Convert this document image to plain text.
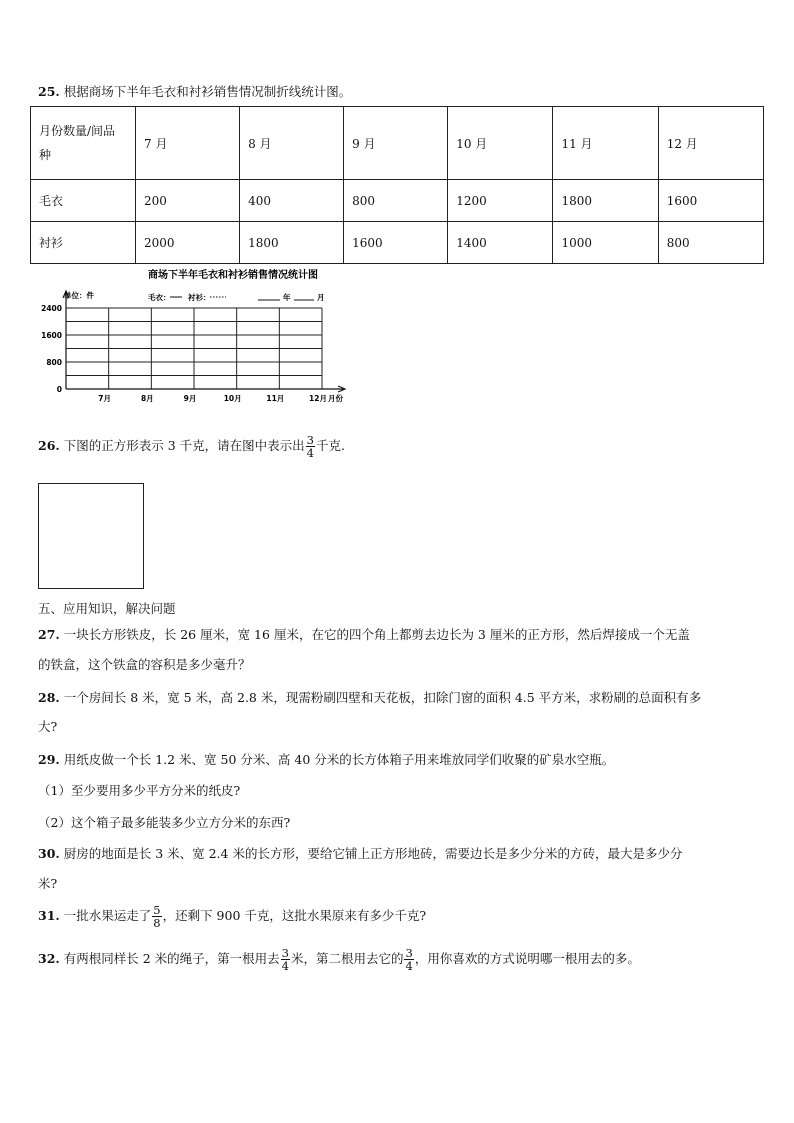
25. 根据商场下半年毛衣和衬衫销售情况制折线统计图。
月份数量/间品
种	7 月	8 月	9 月	10 月	11 月	12 月
毛衣	200	400	800	1200	1800	1600
衬衫	2000	1800	1600	1400	1000	800
商场下半年毛衣和衬衫销售情况统计图
单位：件	毛衣： 衬衫：	年	月
7月	8月	9月	10月	11月	12月
2400
1600
800
0
月份
26. 下图的正方形表示 3 千克，请在图中表示出 $\frac{3}{4}$ 千克.
五、应用知识，解决问题
27. 一块长方形铁皮，长 26 厘米，宽 16 厘米，在它的四个角上都剪去边长为 3 厘米的正方形，然后焊接成一个无盖
的铁盒，这个铁盒的容积是多少毫升？
28. 一个房间长 8 米，宽 5 米，高 2.8 米，现需粉刷四壁和天花板，扣除门窗的面积 4.5 平方米，求粉刷的总面积有多
大?
29. 用纸皮做一个长 1.2 米、宽 50 分米、高 40 分米的长方体箱子用来堆放同学们收聚的矿泉水空瓶。
（1）至少要用多少平方分米的纸皮?
（2）这个箱子最多能装多少立方分米的东西?
30. 厨房的地面是长 3 米、宽 2.4 米的长方形，要给它铺上正方形地砖，需要边长是多少分米的方砖，最大是多少分
米?
31. 一批水果运走了 $\frac{5}{8}$ ，还剩下 900 千克，这批水果原来有多少千克?
32. 有两根同样长 2 米的绳子，第一根用去 $\frac{3}{4}$ 米，第二根用去它的 $\frac{3}{4}$ ，用你喜欢的方式说明哪一根用去的多。
